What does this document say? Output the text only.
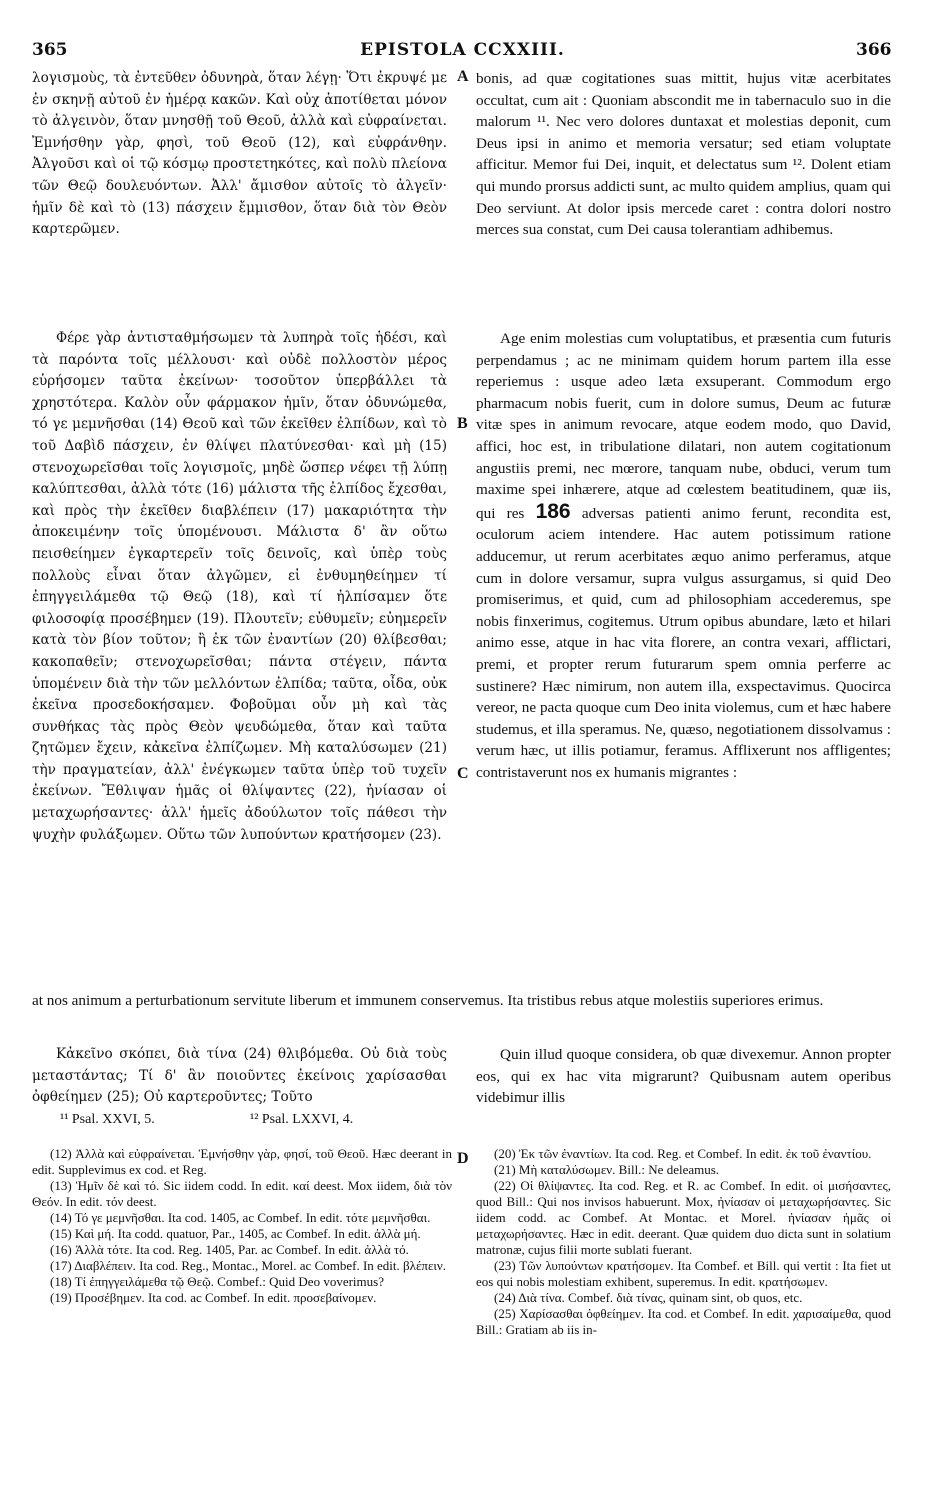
365	EPISTOLA CCXXIII.	366

λογισμοὺς, τὰ ἐντεῦθεν ὀδυνηρὰ, ὅταν λέγῃ· Ὅτι ἐκρυψέ με ἐν σκηνῇ αὐτοῦ ἐν ἡμέρᾳ κακῶν. Καὶ οὐχ ἀποτίθεται μόνον τὸ ἀλγεινὸν, ὅταν μνησθῇ τοῦ Θεοῦ, ἀλλὰ καὶ εὐφραίνεται. Ἐμνήσθην γὰρ, φησὶ, τοῦ Θεοῦ (12), καὶ εὐφράνθην. Ἀλγοῦσι καὶ οἱ τῷ κόσμῳ προστετηκότες, καὶ πολὺ πλείονα τῶν Θεῷ δουλευόντων. Ἀλλ' ἄμισθον αὐτοῖς τὸ ἀλγεῖν· ἡμῖν δὲ καὶ τὸ (13) πάσχειν ἔμμισθον, ὅταν διὰ τὸν Θεὸν καρτερῶμεν.

A bonis, ad quæ cogitationes suas mittit, hujus vitæ acerbitates occultat, cum ait : Quoniam abscondit me in tabernaculo suo in die malorum ¹¹. Nec vero dolores duntaxat et molestias deponit, cum Deus ipsi in animo et memoria versatur; sed etiam voluptate afficitur. Memor fui Dei, inquit, et delectatus sum ¹². Dolent etiam qui mundo prorsus addicti sunt, ac multo quidem amplius, quam qui Deo serviunt. At dolor ipsis mercede caret : contra dolori nostro merces sua constat, cum Dei causa tolerantiam adhibemus.

Φέρε γὰρ ἀντισταθμήσωμεν τὰ λυπηρὰ τοῖς ἡδέσι, καὶ τὰ παρόντα τοῖς μέλλουσι· καὶ οὐδὲ πολλοστὸν μέρος εὑρήσομεν ταῦτα ἐκείνων· τοσοῦτον ὑπερβάλλει τὰ χρηστότερα. Καλὸν οὖν φάρμακον ἡμῖν, ὅταν ὀδυνώμεθα, τό γε μεμνῆσθαι (14) Θεοῦ καὶ τῶν ἐκεῖθεν ἐλπίδων, καὶ τὸ τοῦ Δαβὶδ πάσχειν, ἐν θλίψει πλατύνεσθαι· καὶ μὴ (15) στενοχωρεῖσθαι τοῖς λογισμοῖς, μηδὲ ὥσπερ νέφει τῇ λύπῃ καλύπτεσθαι, ἀλλὰ τότε (16) μάλιστα τῆς ἐλπίδος ἔχεσθαι, καὶ πρὸς τὴν ἐκεῖθεν διαβλέπειν (17) μακαριότητα τὴν ἀποκειμένην τοῖς ὑπομένουσι. Μάλιστα δ' ἂν οὕτω πεισθείημεν ἐγκαρτερεῖν τοῖς δεινοῖς, καὶ ὑπὲρ τοὺς πολλοὺς εἶναι ὅταν ἀλγῶμεν, εἰ ἐνθυμηθείημεν τί ἐπηγγειλάμεθα τῷ Θεῷ (18), καὶ τί ἠλπίσαμεν ὅτε φιλοσοφίᾳ προσέβημεν (19). Πλουτεῖν; εὐθυμεῖν; εὐημερεῖν κατὰ τὸν βίον τοῦτον; ἢ ἐκ τῶν ἐναντίων (20) θλίβεσθαι; κακοπαθεῖν; στενοχωρεῖσθαι; πάντα στέγειν, πάντα ὑπομένειν διὰ τὴν τῶν μελλόντων ἐλπίδα; ταῦτα, οἶδα, οὐκ ἐκεῖνα προσεδοκήσαμεν. Φοβοῦμαι οὖν μὴ καὶ τὰς συνθήκας τὰς πρὸς Θεὸν ψευδώμεθα, ὅταν καὶ ταῦτα ζητῶμεν ἔχειν, κἀκεῖνα ἐλπίζωμεν. Μὴ καταλύσωμεν (21) τὴν πραγματείαν, ἀλλ' ἐνέγκωμεν ταῦτα ὑπὲρ τοῦ τυχεῖν ἐκείνων. Ἔθλιψαν ἡμᾶς οἱ θλίψαντες (22), ἠνίασαν οἱ μεταχωρήσαντες· ἀλλ' ἡμεῖς ἀδούλωτον τοῖς πάθεσι τὴν ψυχὴν φυλάξωμεν. Οὕτω τῶν λυπούντων κρατήσομεν (23).

B
C

Age enim molestias cum voluptatibus, et præsentia cum futuris perpendamus ; ac ne minimam quidem horum partem illa esse reperiemus : usque adeo læta exsuperant. Commodum ergo pharmacum nobis fuerit, cum in dolore sumus, Deum ac futuræ vitæ spes in animum revocare, atque eodem modo, quo David, affici, hoc est, in tribulatione dilatari, non autem cogitationum angustiis premi, nec mœrore, tanquam nube, obduci, verum tum maxime spei inhærere, atque ad cœlestem beatitudinem, quæ iis, qui res 186 adversas patienti animo ferunt, recondita est, oculorum aciem intendere. Hac autem potissimum ratione adducemur, ut rerum acerbitates æquo animo perferamus, atque cum in dolore versamur, supra vulgus assurgamus, si quid Deo promiserimus, et quid, cum ad philosophiam accederemus, spe nobis finxerimus, cogitemus. Utrum opibus abundare, læto et hilari animo esse, atque in hac vita florere, an contra vexari, afflictari, premi, et propter rerum futurarum spem omnia perferre ac sustinere? Hæc nimirum, non autem illa, exspectavimus. Quocirca vereor, ne pacta quoque cum Deo inita violemus, cum et hæc habere studemus, et illa speramus. Ne, quæso, negotiationem dissolvamus : verum hæc, ut illis potiamur, feramus. Afflixerunt nos affligentes; contristaverunt nos ex humanis migrantes :

at nos animum a perturbationum servitute liberum et immunem conservemus. Ita tristibus rebus atque molestiis superiores erimus.

Κἀκεῖνο σκόπει, διὰ τίνα (24) θλιβόμεθα. Οὐ διὰ τοὺς μεταστάντας; Τί δ' ἂν ποιοῦντες ἐκείνοις χαρίσασθαι ὀφθείημεν (25); Οὐ καρτεροῦντες; Τοῦτο

Quin illud quoque considera, ob quæ divexemur. Annon propter eos, qui ex hac vita migrarunt? Quibusnam autem operibus videbimur illis

¹¹ Psal. XXVI, 5.	¹² Psal. LXXVI, 4.

(12) Ἀλλὰ καὶ εὐφραίνεται. Ἐμνήσθην γὰρ, φησί, τοῦ Θεοῦ. Hæc deerant in edit. Supplevimus ex cod. et Reg.

(13) Ἡμῖν δὲ καὶ τό. Sic iidem codd. In edit. καί deest. Mox iidem, διὰ τὸν Θεόν. In edit. τόν deest.

(14) Τό γε μεμνῆσθαι. Ita cod. 1405, ac Combef. In edit. τότε μεμνῆσθαι.

(15) Καὶ μή. Ita codd. quatuor, Par., 1405, ac Combef. In edit. ἀλλὰ μή.

(16) Ἀλλὰ τότε. Ita cod. Reg. 1405, Par. ac Combef. In edit. ἀλλὰ τό.

(17) Διαβλέπειν. Ita cod. Reg., Montac., Morel. ac Combef. In edit. βλέπειν.

(18) Τί ἐπηγγειλάμεθα τῷ Θεῷ. Combef.: Quid Deo voverimus?

(19) Προσέβημεν. Ita cod. ac Combef. In edit. προσεβαίνομεν.

D	(20) Ἐκ τῶν ἐναντίων. Ita cod. Reg. et Combef. In edit. ἐκ τοῦ ἐναντίου.

(21) Μὴ καταλύσωμεν. Bill.: Ne deleamus.

(22) Οἱ θλίψαντες. Ita cod. Reg. et R. ac Combef. In edit. οἱ μισήσαντες, quod Bill.: Qui nos invisos habuerunt. Mox, ἠνίασαν οἱ μεταχωρήσαντες. Sic iidem codd. ac Combef. At Montac. et Morel. ἠνίασαν ἡμᾶς οἱ μεταχωρήσαντες. Hæc in edit. deerant. Quæ quidem duo dicta sunt in solatium matronæ, cujus filii morte sublati fuerant.

(23) Τῶν λυπούντων κρατήσομεν. Ita Combef. et Bill. qui vertit : Ita fiet ut eos qui nobis molestiam exhibent, superemus. In edit. κρατήσωμεν.

(24) Διὰ τίνα. Combef. διὰ τίνας, quinam sint, ob quos, etc.

(25) Χαρίσασθαι ὀφθείημεν. Ita cod. et Combef. In edit. χαρισαίμεθα, quod Bill.: Gratiam ab iis in-
